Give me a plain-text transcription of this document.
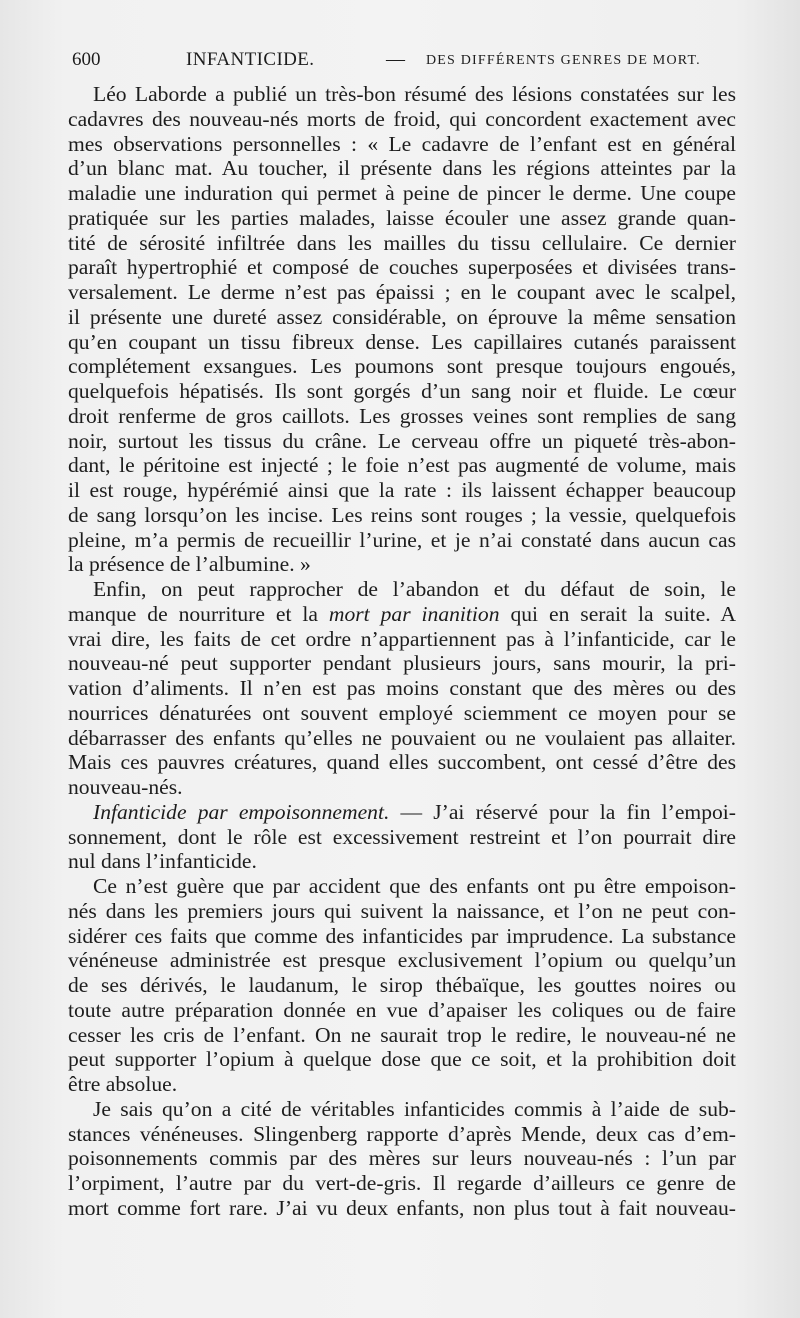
600	INFANTICIDE.	— DES DIFFÉRENTS GENRES DE MORT.
Léo Laborde a publié un très-bon résumé des lésions constatées sur les
cadavres des nouveau-nés morts de froid, qui concordent exactement avec
mes observations personnelles : « Le cadavre de l’enfant est en général
d’un blanc mat. Au toucher, il présente dans les régions atteintes par la
maladie une induration qui permet à peine de pincer le derme. Une coupe
pratiquée sur les parties malades, laisse écouler une assez grande quan-
tité de sérosité infiltrée dans les mailles du tissu cellulaire. Ce dernier
paraît hypertrophié et composé de couches superposées et divisées trans-
versalement. Le derme n’est pas épaissi ; en le coupant avec le scalpel,
il présente une dureté assez considérable, on éprouve la même sensation
qu’en coupant un tissu fibreux dense. Les capillaires cutanés paraissent
complétement exsangues. Les poumons sont presque toujours engoués,
quelquefois hépatisés. Ils sont gorgés d’un sang noir et fluide. Le cœur
droit renferme de gros caillots. Les grosses veines sont remplies de sang
noir, surtout les tissus du crâne. Le cerveau offre un piqueté très-abon-
dant, le péritoine est injecté ; le foie n’est pas augmenté de volume, mais
il est rouge, hypérémié ainsi que la rate : ils laissent échapper beaucoup
de sang lorsqu’on les incise. Les reins sont rouges ; la vessie, quelquefois
pleine, m’a permis de recueillir l’urine, et je n’ai constaté dans aucun cas
la présence de l’albumine. »
Enfin, on peut rapprocher de l’abandon et du défaut de soin, le
manque de nourriture et la mort par inanition qui en serait la suite. A
vrai dire, les faits de cet ordre n’appartiennent pas à l’infanticide, car le
nouveau-né peut supporter pendant plusieurs jours, sans mourir, la pri-
vation d’aliments. Il n’en est pas moins constant que des mères ou des
nourrices dénaturées ont souvent employé sciemment ce moyen pour se
débarrasser des enfants qu’elles ne pouvaient ou ne voulaient pas allaiter.
Mais ces pauvres créatures, quand elles succombent, ont cessé d’être des
nouveau-nés.
Infanticide par empoisonnement. — J’ai réservé pour la fin l’empoi-
sonnement, dont le rôle est excessivement restreint et l’on pourrait dire
nul dans l’infanticide.
Ce n’est guère que par accident que des enfants ont pu être empoison-
nés dans les premiers jours qui suivent la naissance, et l’on ne peut con-
sidérer ces faits que comme des infanticides par imprudence. La substance
vénéneuse administrée est presque exclusivement l’opium ou quelqu’un
de ses dérivés, le laudanum, le sirop thébaïque, les gouttes noires ou
toute autre préparation donnée en vue d’apaiser les coliques ou de faire
cesser les cris de l’enfant. On ne saurait trop le redire, le nouveau-né ne
peut supporter l’opium à quelque dose que ce soit, et la prohibition doit
être absolue.
Je sais qu’on a cité de véritables infanticides commis à l’aide de sub-
stances vénéneuses. Slingenberg rapporte d’après Mende, deux cas d’em-
poisonnements commis par des mères sur leurs nouveau-nés : l’un par
l’orpiment, l’autre par du vert-de-gris. Il regarde d’ailleurs ce genre de
mort comme fort rare. J’ai vu deux enfants, non plus tout à fait nouveau-
